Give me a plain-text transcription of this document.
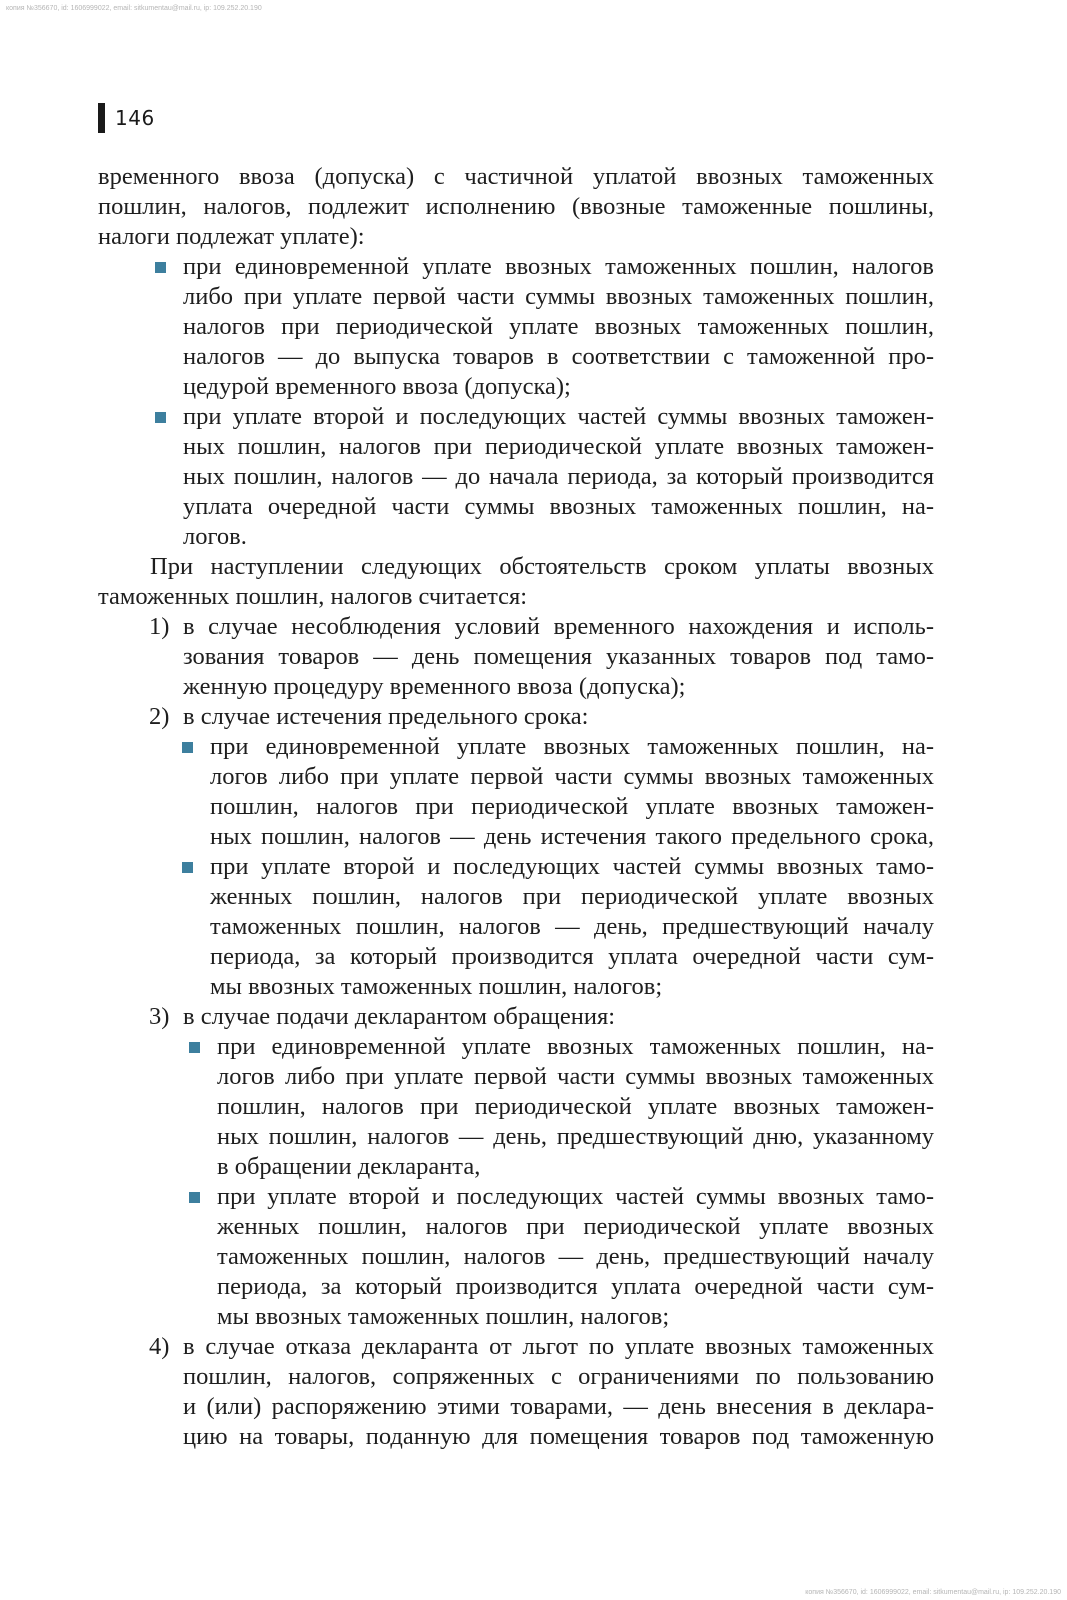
копия №356670, id: 1606999022, email: sitkumentau@mail.ru, ip: 109.252.20.190
146
временного ввоза (допуска) с частичной уплатой ввозных таможенных
пошлин, налогов, подлежит исполнению (ввозные таможенные пошлины,
налоги подлежат уплате):
при единовременной уплате ввозных таможенных пошлин, налогов
либо при уплате первой части суммы ввозных таможенных пошлин,
налогов при периодической уплате ввозных таможенных пошлин,
налогов — до выпуска товаров в соответствии с таможенной про-
цедурой временного ввоза (допуска);
при уплате второй и последующих частей суммы ввозных таможен-
ных пошлин, налогов при периодической уплате ввозных таможен-
ных пошлин, налогов — до начала периода, за который производится
уплата очередной части суммы ввозных таможенных пошлин, на-
логов.
При наступлении следующих обстоятельств сроком уплаты ввозных
таможенных пошлин, налогов считается:
1) в случае несоблюдения условий временного нахождения и исполь-
зования товаров — день помещения указанных товаров под тамо-
женную процедуру временного ввоза (допуска);
2) в случае истечения предельного срока:
при единовременной уплате ввозных таможенных пошлин, на-
логов либо при уплате первой части суммы ввозных таможенных
пошлин, налогов при периодической уплате ввозных таможен-
ных пошлин, налогов — день истечения такого предельного срока,
при уплате второй и последующих частей суммы ввозных тамо-
женных пошлин, налогов при периодической уплате ввозных
таможенных пошлин, налогов — день, предшествующий началу
периода, за который производится уплата очередной части сум-
мы ввозных таможенных пошлин, налогов;
3) в случае подачи декларантом обращения:
при единовременной уплате ввозных таможенных пошлин, на-
логов либо при уплате первой части суммы ввозных таможенных
пошлин, налогов при периодической уплате ввозных таможен-
ных пошлин, налогов — день, предшествующий дню, указанному
в обращении декларанта,
при уплате второй и последующих частей суммы ввозных тамо-
женных пошлин, налогов при периодической уплате ввозных
таможенных пошлин, налогов — день, предшествующий началу
периода, за который производится уплата очередной части сум-
мы ввозных таможенных пошлин, налогов;
4) в случае отказа декларанта от льгот по уплате ввозных таможенных
пошлин, налогов, сопряженных с ограничениями по пользованию
и (или) распоряжению этими товарами, — день внесения в деклара-
цию на товары, поданную для помещения товаров под таможенную
копия №356670, id: 1606999022, email: sitkumentau@mail.ru, ip: 109.252.20.190
